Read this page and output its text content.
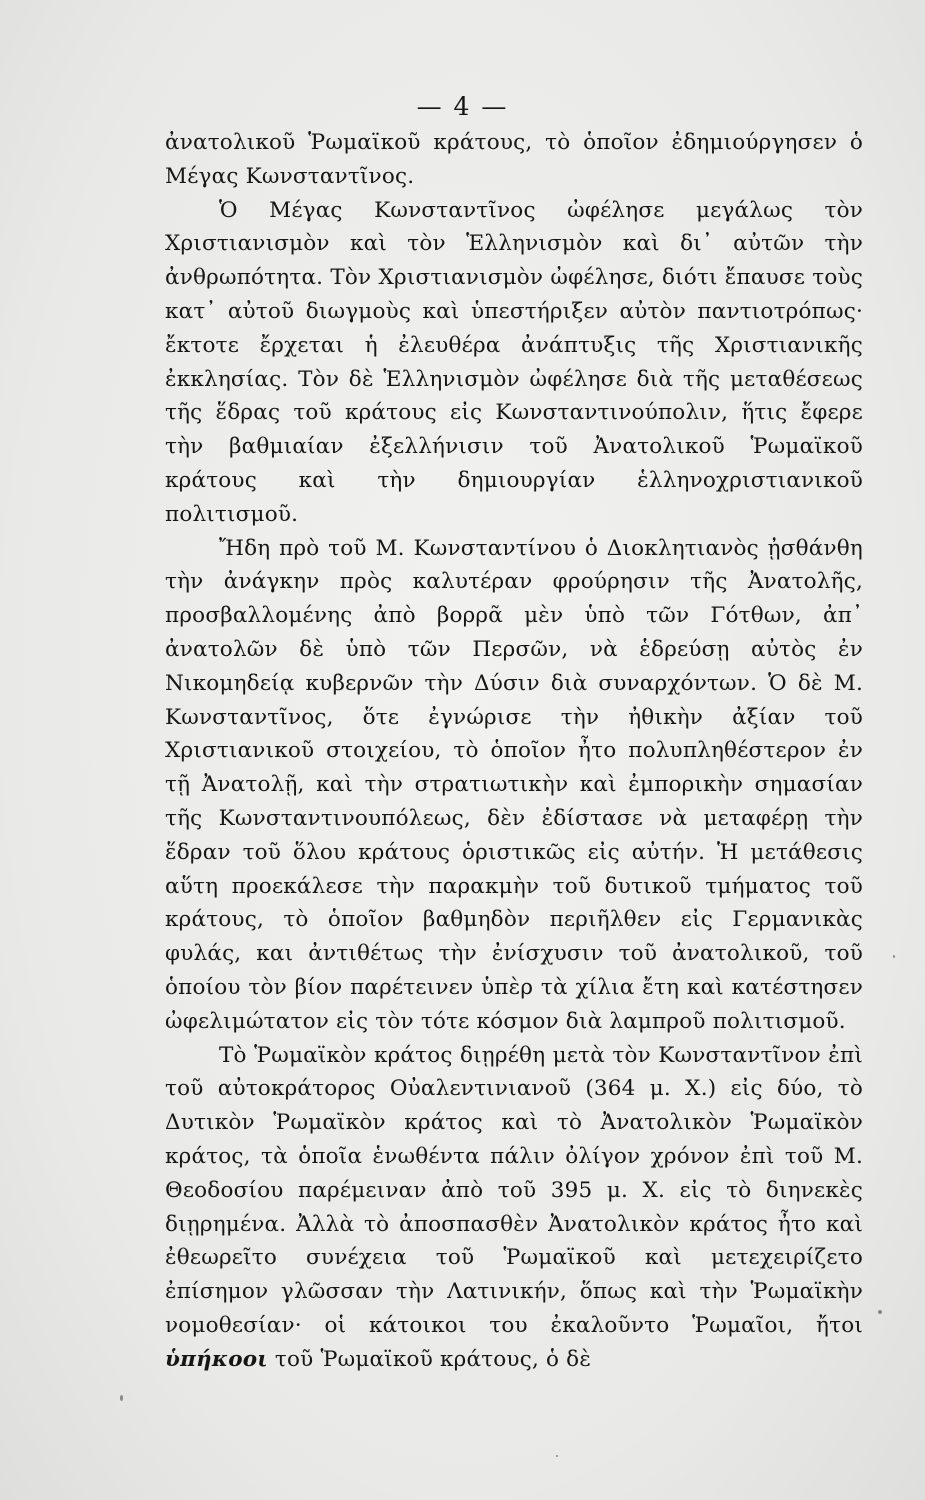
— 4 —

ἀνατολικοῦ Ῥωμαϊκοῦ κράτους, τὸ ὁποῖον ἐδημιούργησεν ὁ Μέγας Κωνσταντῖνος.

Ὁ Μέγας Κωνσταντῖνος ὠφέλησε μεγάλως τὸν Χριστιανισμὸν καὶ τὸν Ἑλληνισμὸν καὶ δι᾽ αὐτῶν τὴν ἀνθρωπότητα. Τὸν Χριστιανισμὸν ὠφέλησε, διότι ἔπαυσε τοὺς κατ᾽ αὐτοῦ διωγμοὺς καὶ ὑπεστήριξεν αὐτὸν παντιοτρόπως· ἔκτοτε ἔρχεται ἡ ἐλευθέρα ἀνάπτυξις τῆς Χριστιανικῆς ἐκκλησίας. Τὸν δὲ Ἑλληνισμὸν ὠφέλησε διὰ τῆς μεταθέσεως τῆς ἕδρας τοῦ κράτους εἰς Κωνσταντινούπολιν, ἥτις ἔφερε τὴν βαθμιαίαν ἐξελλήνισιν τοῦ Ἀνατολικοῦ Ῥωμαϊκοῦ κράτους καὶ τὴν δημιουργίαν ἑλληνοχριστιανικοῦ πολιτισμοῦ.

Ἤδη πρὸ τοῦ Μ. Κωνσταντίνου ὁ Διοκλητιανὸς ᾐσθάνθη τὴν ἀνάγκην πρὸς καλυτέραν φρούρησιν τῆς Ἀνατολῆς, προσβαλλομένης ἀπὸ βορρᾶ μὲν ὑπὸ τῶν Γότθων, ἀπ᾽ ἀνατολῶν δὲ ὑπὸ τῶν Περσῶν, νὰ ἑδρεύσῃ αὐτὸς ἐν Νικομηδείᾳ κυβερνῶν τὴν Δύσιν διὰ συναρχόντων. Ὁ δὲ Μ. Κωνσταντῖνος, ὅτε ἐγνώρισε τὴν ἠθικὴν ἀξίαν τοῦ Χριστιανικοῦ στοιχείου, τὸ ὁποῖον ἦτο πολυπληθέστερον ἐν τῇ Ἀνατολῇ, καὶ τὴν στρατιωτικὴν καὶ ἐμπορικὴν σημασίαν τῆς Κωνσταντινουπόλεως, δὲν ἐδίστασε νὰ μεταφέρῃ τὴν ἕδραν τοῦ ὅλου κράτους ὁριστικῶς εἰς αὐτήν. Ἡ μετάθεσις αὕτη προεκάλεσε τὴν παρακμὴν τοῦ δυτικοῦ τμήματος τοῦ κράτους, τὸ ὁποῖον βαθμηδὸν περιῆλθεν εἰς Γερμανικὰς φυλάς, και ἀντιθέτως τὴν ἐνίσχυσιν τοῦ ἀνατολικοῦ, τοῦ ὁποίου τὸν βίον παρέτεινεν ὑπὲρ τὰ χίλια ἔτη καὶ κατέστησεν ὠφελιμώτατον εἰς τὸν τότε κόσμον διὰ λαμπροῦ πολιτισμοῦ.

Τὸ Ῥωμαϊκὸν κράτος διῃρέθη μετὰ τὸν Κωνσταντῖνον ἐπὶ τοῦ αὐτοκράτορος Οὐαλεντινιανοῦ (364 μ. Χ.) εἰς δύο, τὸ Δυτικὸν Ῥωμαϊκὸν κράτος καὶ τὸ Ἀνατολικὸν Ῥωμαϊκὸν κράτος, τὰ ὁποῖα ἑνωθέντα πάλιν ὀλίγον χρόνον ἐπὶ τοῦ Μ. Θεοδοσίου παρέμειναν ἀπὸ τοῦ 395 μ. Χ. εἰς τὸ διηνεκὲς διῃρημένα. Ἀλλὰ τὸ ἀποσπασθὲν Ἀνατολικὸν κράτος ἦτο καὶ ἐθεωρεῖτο συνέχεια τοῦ Ῥωμαϊκοῦ καὶ μετεχειρίζετο ἐπίσημον γλῶσσαν τὴν Λατινικήν, ὅπως καὶ τὴν Ῥωμαϊκὴν νομοθεσίαν· οἱ κάτοικοι του ἐκαλοῦντο Ῥωμαῖοι, ἤτοι ὑπήκοοι τοῦ Ῥωμαϊκοῦ κράτους, ὁ δὲ
